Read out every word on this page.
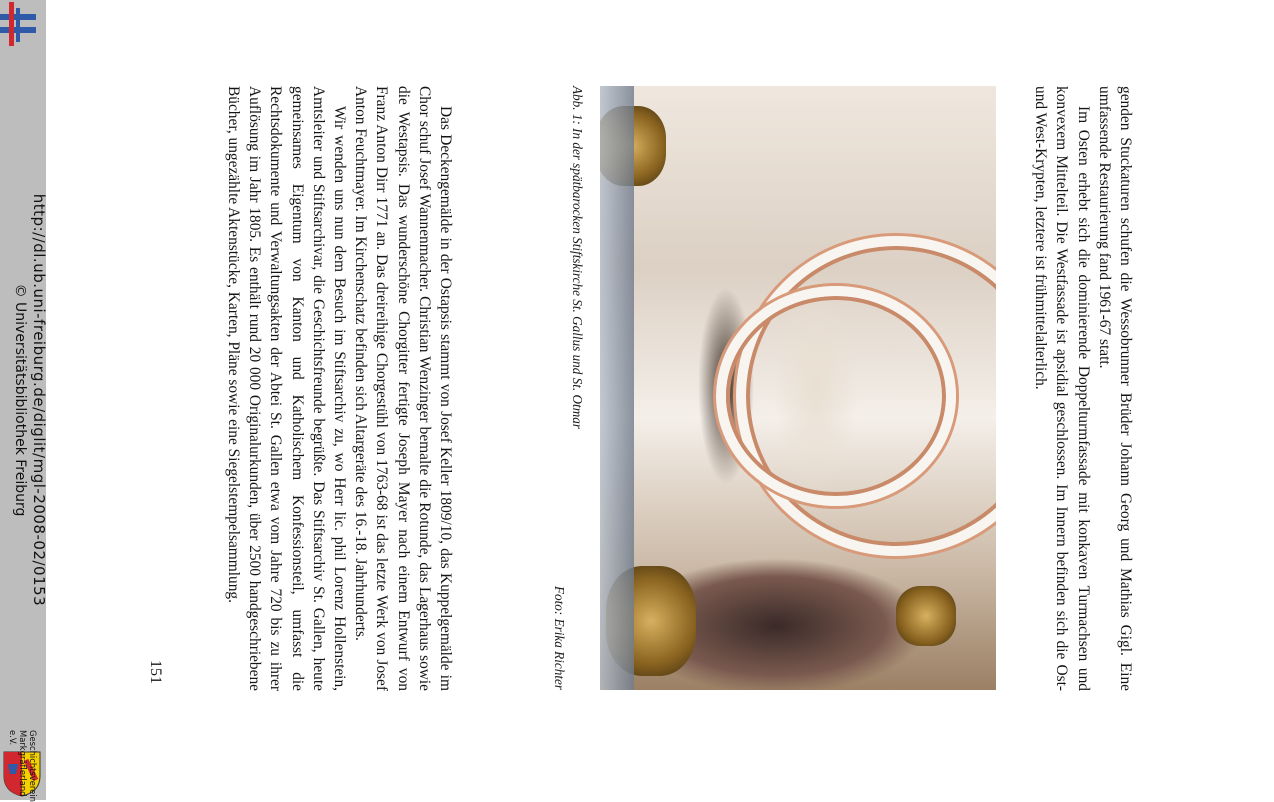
genden Stuckaturen schufen die Wessobrunner Brüder Johann Georg und Mathias Gigl. Eine umfassende Restaurierung fand 1961-67 statt.

Im Osten erhebt sich die dominierende Doppelturmfassade mit konkaven Turmachsen und konvexem Mittelteil. Die Westfassade ist apsidial geschlossen. Im Innern befinden sich die Ost- und West-Krypten, letztere ist frühmittelalterlich.

Abb. 1: In der spätbarocken Stiftskirche St. Gallus und St. Otmar
Foto: Erika Richter

Das Deckengemälde in der Ostapsis stammt von Josef Keller 1809/10, das Kuppelgemälde im Chor schuf Josef Wannenmacher. Christian Wenzinger bemalte die Rotunde, das Lagerhaus sowie die Westapsis. Das wunderschöne Chorgitter fertigte Joseph Mayer nach einem Entwurf von Franz Anton Dirr 1771 an. Das dreireihige Chorgestühl von 1763-68 ist das letzte Werk von Josef Anton Feuchtmayer. Im Kirchenschatz befinden sich Altargeräte des 16.-18. Jahrhunderts.

Wir wenden uns nun dem Besuch im Stiftsarchiv zu, wo Herr lic. phil Lorenz Hollenstein, Amtsleiter und Stiftsarchivar, die Geschichtsfreunde begrüßte. Das Stiftsarchiv St. Gallen, heute gemeinsames Eigentum von Kanton und Katholischem Konfessionsteil, umfasst die Rechtsdokumente und Verwaltungsakten der Abtei St. Gallen etwa vom Jahre 720 bis zu ihrer Auflösung im Jahr 1805. Es enthält rund 20 000 Originalurkunden, über 2500 handgeschriebene Bücher, ungezählte Aktenstücke, Karten, Pläne sowie eine Siegelstempelsammlung.

151
http://dl.ub.uni-freiburg.de/diglit/mgl-2008-02/0153
© Universitätsbibliothek Freiburg
Geschichtsverein
Markgräflerland e.V.
